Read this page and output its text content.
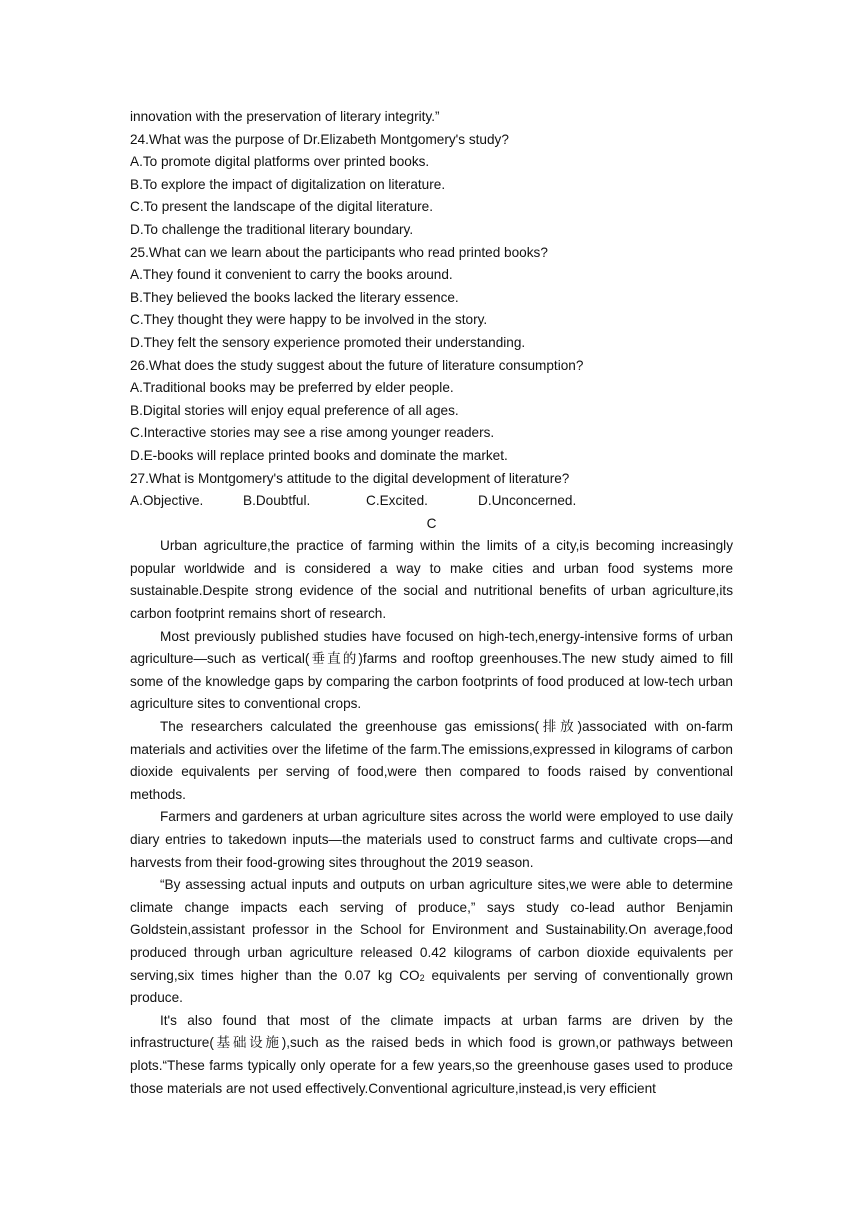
innovation with the preservation of literary integrity.”

24.What was the purpose of Dr.Elizabeth Montgomery's study?

A.To promote digital platforms over printed books.

B.To explore the impact of digitalization on literature.

C.To present the landscape of the digital literature.

D.To challenge the traditional literary boundary.

25.What can we learn about the participants who read printed books?

A.They found it convenient to carry the books around.

B.They believed the books lacked the literary essence.

C.They thought they were happy to be involved in the story.

D.They felt the sensory experience promoted their understanding.

26.What does the study suggest about the future of literature consumption?

A.Traditional books may be preferred by elder people.

B.Digital stories will enjoy equal preference of all ages.

C.Interactive stories may see a rise among younger readers.

D.E-books will replace printed books and dominate the market.

27.What is Montgomery's attitude to the digital development of literature?

A.Objective.	B.Doubtful.	C.Excited.	D.Unconcerned.

C

Urban agriculture,the practice of farming within the limits of a city,is becoming increasingly popular worldwide and is considered a way to make cities and urban food systems more sustainable.Despite strong evidence of the social and nutritional benefits of urban agriculture,its carbon footprint remains short of research.

Most previously published studies have focused on high-tech,energy-intensive forms of urban agriculture—such as vertical(垂直的)farms and rooftop greenhouses.The new study aimed to fill some of the knowledge gaps by comparing the carbon footprints of food produced at low-tech urban agriculture sites to conventional crops.

The researchers calculated the greenhouse gas emissions(排放)associated with on-farm materials and activities over the lifetime of the farm.The emissions,expressed in kilograms of carbon dioxide equivalents per serving of food,were then compared to foods raised by conventional methods.

Farmers and gardeners at urban agriculture sites across the world were employed to use daily diary entries to takedown inputs—the materials used to construct farms and cultivate crops—and harvests from their food-growing sites throughout the 2019 season.

“By assessing actual inputs and outputs on urban agriculture sites,we were able to determine climate change impacts each serving of produce,” says study co-lead author Benjamin Goldstein,assistant professor in the School for Environment and Sustainability.On average,food produced through urban agriculture released 0.42 kilograms of carbon dioxide equivalents per serving,six times higher than the 0.07 kg $CO_2$ equivalents per serving of conventionally grown produce.

It's also found that most of the climate impacts at urban farms are driven by the infrastructure(基础设施),such as the raised beds in which food is grown,or pathways between plots.“These farms typically only operate for a few years,so the greenhouse gases used to produce those materials are not used effectively.Conventional agriculture,instead,is very efficient
